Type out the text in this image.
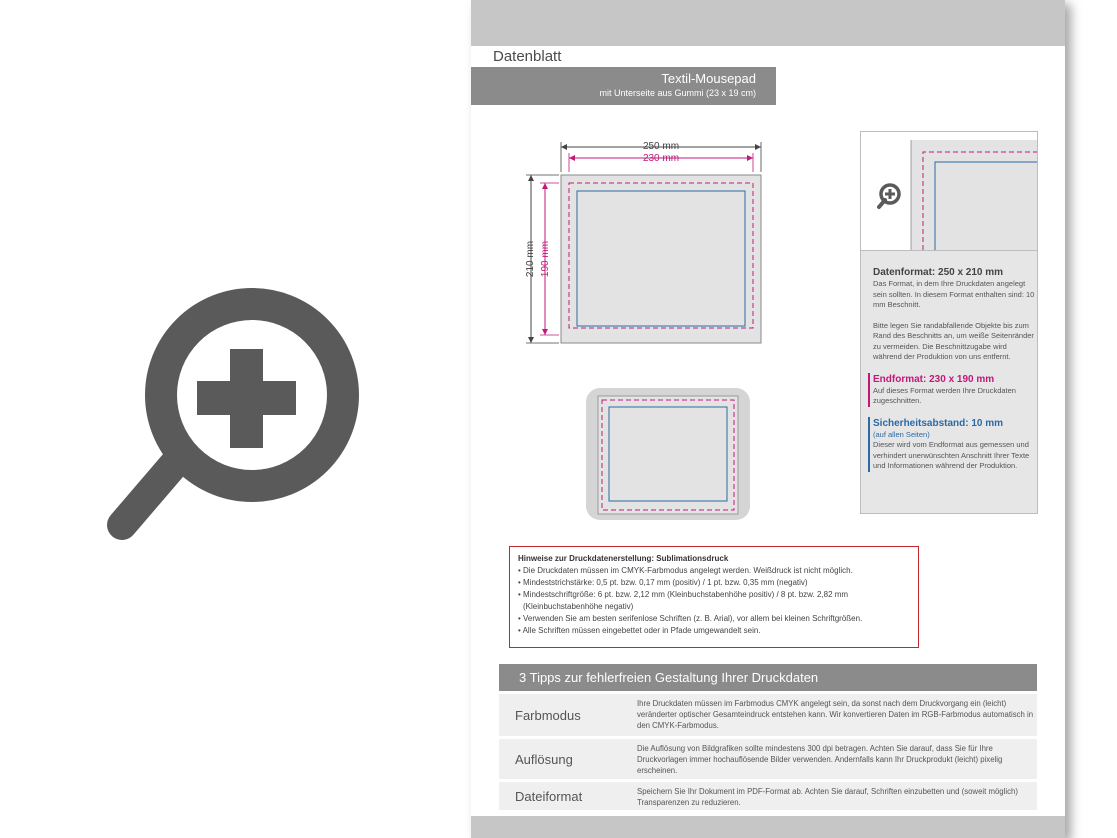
Datenblatt
Textil-Mousepad
mit Unterseite aus Gummi (23 x 19 cm)
250 mm
230 mm
210 mm 190 mm	Datenformat: 250 x 210 mm
Das Format, in dem Ihre Druckdaten angelegt sein sollten. In diesem Format enthalten sind: 10 mm Beschnitt.
Bitte legen Sie randabfallende Objekte bis zum Rand des Beschnitts an, um weiße Seitenränder zu vermeiden. Die Beschnittzugabe wird während der Produktion von uns entfernt.
Endformat: 230 x 190 mm
Auf dieses Format werden Ihre Druckdaten zugeschnitten.
Sicherheitsabstand: 10 mm
(auf allen Seiten)
Dieser wird vom Endformat aus gemessen und verhindert unerwünschten Anschnitt Ihrer Texte und Informationen während der Produktion.
Hinweise zur Druckdatenerstellung: Sublimationsdruck
• Die Druckdaten müssen im CMYK-Farbmodus angelegt werden. Weißdruck ist nicht möglich.
• Mindeststrichstärke: 0,5 pt. bzw. 0,17 mm (positiv) / 1 pt. bzw. 0,35 mm (negativ)
• Mindestschriftgröße: 6 pt. bzw. 2,12 mm (Kleinbuchstabenhöhe positiv) / 8 pt. bzw. 2,82 mm (Kleinbuchstabenhöhe negativ)
• Verwenden Sie am besten serifenlose Schriften (z. B. Arial), vor allem bei kleinen Schriftgrößen.
• Alle Schriften müssen eingebettet oder in Pfade umgewandelt sein.
3 Tipps zur fehlerfreien Gestaltung Ihrer Druckdaten
Farbmodus
Ihre Druckdaten müssen im Farbmodus CMYK angelegt sein, da sonst nach dem Druckvorgang ein (leicht) veränderter optischer Gesamteindruck entstehen kann. Wir konvertieren Daten im RGB-Farbmodus automatisch in den CMYK-Farbmodus.
Auflösung
Die Auflösung von Bildgrafiken sollte mindestens 300 dpi betragen. Achten Sie darauf, dass Sie für Ihre Druckvorlagen immer hochauflösende Bilder verwenden. Andernfalls kann Ihr Druckprodukt (leicht) pixelig erscheinen.
Dateiformat	Speichern Sie Ihr Dokument im PDF-Format ab. Achten Sie darauf, Schriften einzubetten und (soweit möglich) Transparenzen zu reduzieren.
